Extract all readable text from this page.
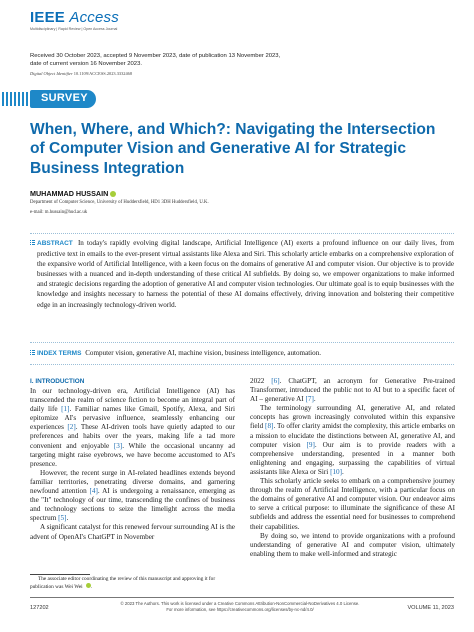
IEEE Access
Multidisciplinary | Rapid Review | Open Access Journal
Received 30 October 2023, accepted 9 November 2023, date of publication 13 November 2023,
date of current version 16 November 2023.
Digital Object Identifier 10.1109/ACCESS.2023.3332468
SURVEY
When, Where, and Which?: Navigating the Intersection of Computer Vision and Generative AI for Strategic Business Integration
MUHAMMAD HUSSAIN
Department of Computer Science, University of Huddersfield, HD1 3DH Huddersfield, U.K.
e-mail: m.hussain@hud.ac.uk
ABSTRACT In today's rapidly evolving digital landscape, Artificial Intelligence (AI) exerts a profound influence on our daily lives, from predictive text in emails to the ever-present virtual assistants like Alexa and Siri. This scholarly article embarks on a comprehensive exploration of the expansive world of Artificial Intelligence, with a keen focus on the domains of generative AI and computer vision. Our objective is to provide businesses with a nuanced and in-depth understanding of these critical AI subfields. By doing so, we empower organizations to make informed and strategic decisions regarding the adoption of generative AI and computer vision technologies. Our ultimate goal is to equip businesses with the knowledge and insights necessary to harness the potential of these AI domains effectively, driving innovation and bolstering their competitive edge in an increasingly technology-driven world.
INDEX TERMS Computer vision, generative AI, machine vision, business intelligence, automation.
I. INTRODUCTION

In our technology-driven era, Artificial Intelligence (AI) has transcended the realm of science fiction to become an integral part of daily life [1]. Familiar names like Gmail, Spotify, Alexa, and Siri epitomize AI's pervasive influence, seamlessly enhancing our experiences [2]. These AI-driven tools have quietly adapted to our preferences and habits over the years, making life a tad more convenient and enjoyable [3]. While the occasional uncanny ad targeting might raise eyebrows, we have become accustomed to AI's presence.

However, the recent surge in AI-related headlines extends beyond familiar territories, penetrating diverse domains, and garnering newfound attention [4]. AI is undergoing a renaissance, emerging as the "It" technology of our time, transcending the confines of business and technology sections to seize the limelight across the media spectrum [5].

A significant catalyst for this renewed fervour surrounding AI is the advent of OpenAI's ChatGPT in November

2022 [6]. ChatGPT, an acronym for Generative Pre-trained Transformer, introduced the public not to AI but to a specific facet of AI – generative AI [7].

The terminology surrounding AI, generative AI, and related concepts has grown increasingly convoluted within this expansive field [8]. To offer clarity amidst the complexity, this article embarks on a mission to elucidate the distinctions between AI, generative AI, and computer vision [9]. Our aim is to provide readers with a comprehensive understanding, presented in a manner both enlightening and engaging, surpassing the capabilities of virtual assistants like Alexa or Siri [10].

This scholarly article seeks to embark on a comprehensive journey through the realm of Artificial Intelligence, with a particular focus on the domains of generative AI and computer vision. Our endeavor aims to serve a critical purpose: to illuminate the significance of these AI subfields and address the essential need for businesses to comprehend their capabilities.

By doing so, we intend to provide organizations with a profound understanding of generative AI and computer vision, ultimately enabling them to make well-informed and strategic

The associate editor coordinating the review of this manuscript and approving it for publication was Wei Wei .
127202
© 2023 The Authors. This work is licensed under a Creative Commons Attribution-NonCommercial-NoDerivatives 4.0 License.
For more information, see https://creativecommons.org/licenses/by-nc-nd/4.0/	VOLUME 11, 2023
